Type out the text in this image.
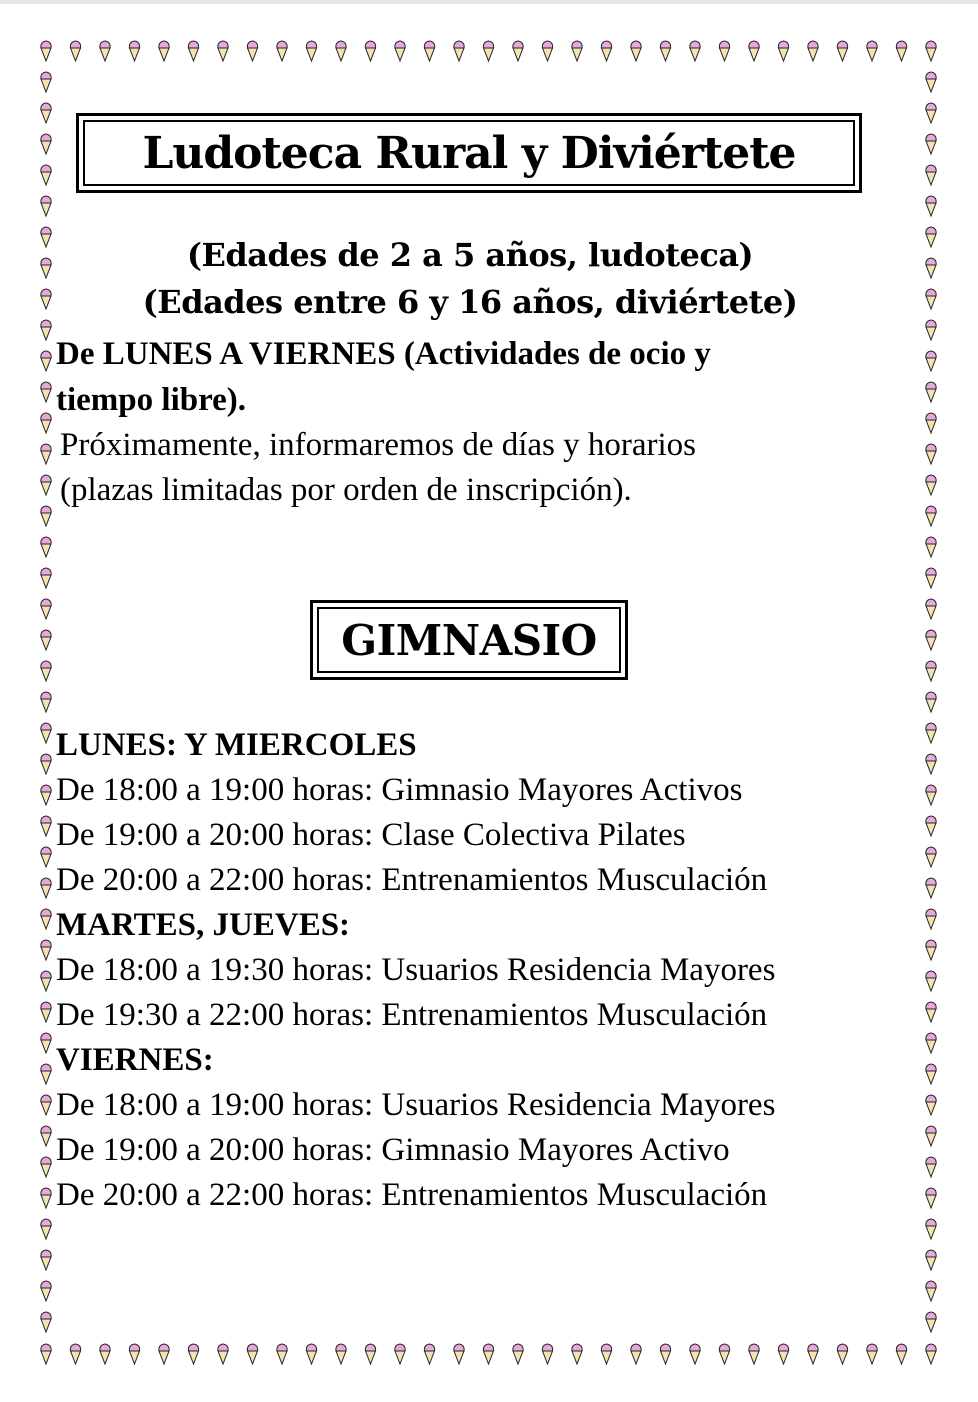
Ludoteca Rural y Diviértete
(Edades de 2 a 5 años, ludoteca)
(Edades entre 6 y 16 años, diviértete)
De LUNES A VIERNES (Actividades de ocio y
tiempo libre).
Próximamente, informaremos de días y horarios
(plazas limitadas por orden de inscripción).
GIMNASIO
LUNES: Y MIERCOLES
De 18:00 a 19:00 horas: Gimnasio Mayores Activos
De 19:00 a 20:00 horas: Clase Colectiva Pilates
De 20:00 a 22:00 horas: Entrenamientos Musculación
MARTES, JUEVES:
De 18:00 a 19:30 horas: Usuarios Residencia Mayores
De 19:30 a 22:00 horas: Entrenamientos Musculación
VIERNES:
De 18:00 a 19:00 horas: Usuarios Residencia Mayores
De 19:00 a 20:00 horas: Gimnasio Mayores Activo
De 20:00 a 22:00 horas: Entrenamientos Musculación
